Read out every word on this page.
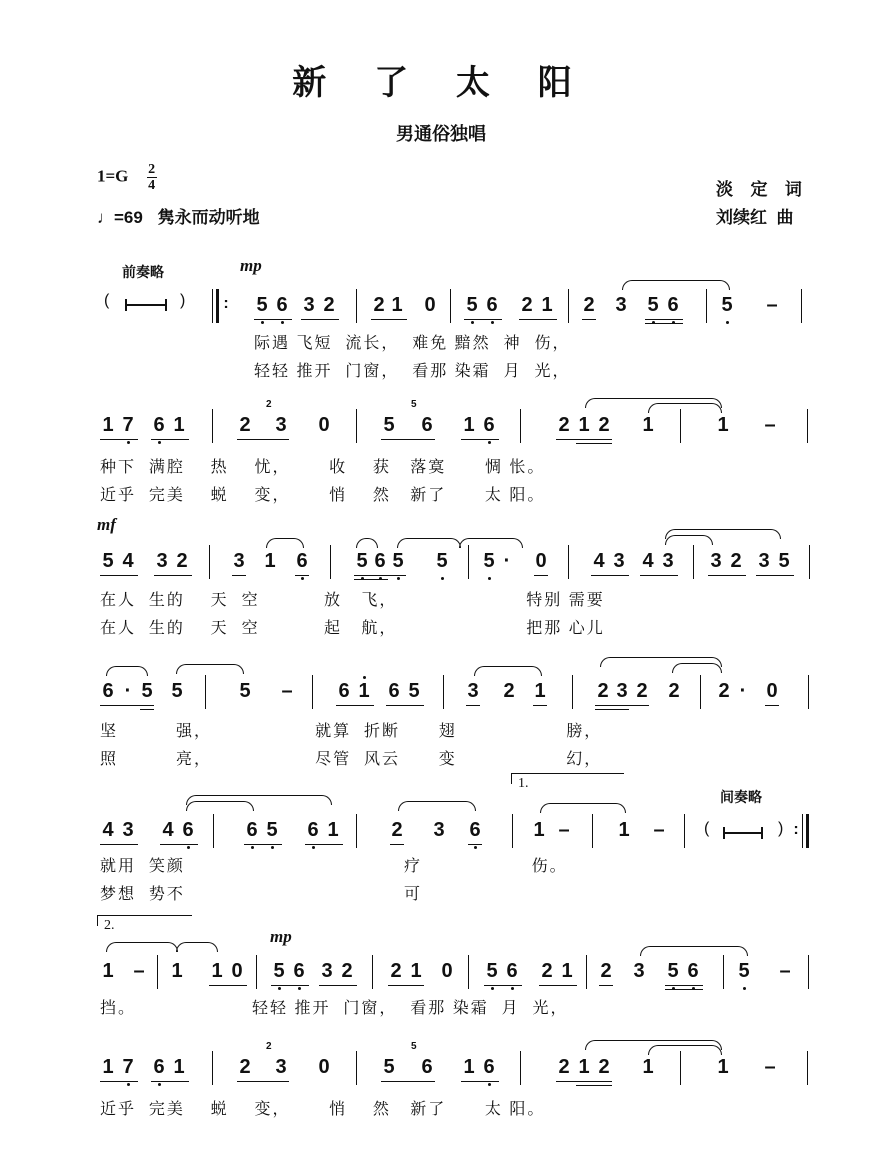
新 了 太 阳
男通俗独唱
$1=G \frac{2}{4}$
♩=69 隽永而动听地
淡  定  词
刘续红  曲
前奏略	mp
(	) : 5 6 3 2 2 1 0 5 6 2 1 2 3 5 6 5 –
际遇 飞短  流长，  难免 黯然  神  伤，
轻轻 推开  门窗，  看那 染霜  月  光，
1 7 6 1	2
2
3 0	5
5
6 1 6	2 1 2 1	1 –
种下  满腔    热    忧，      收    获   落寞      惆 怅。
近乎  完美    蜕    变，      悄    然   新了      太 阳。
mf
5 4 3 2 3 1 6 5 6 5 5 5 · 0 4 3 4 3 3 2 3 5
在人  生的    天  空          放   飞，                    特别 需要
在人  生的    天  空          起   航，                    把那 心儿
6 · 5 5	5 – 6 1 6 5 3 2 1	2 3 2 2 2 · 0
坚         强，                就算  折断      翅                 膀，
照         亮，                尽管  风云      变                 幻，
1.
间奏略
4 3 4 6	6 5 6 1	2 3 6	1 – 1 – (	) :
就用  笑颜                                  疗                 伤。
梦想  势不                                  可
2.
mp
1 – 1 1 0 5 6 3 2 2 1 0 5 6 2 1 2 3 5 6 5 –
挡。                  轻轻 推开  门窗，  看那 染霜  月  光，
1 7 6 1	2
2
3 0	5
5
6 1 6	2 1 2 1	1 –
近乎  完美    蜕    变，      悄    然   新了      太 阳。
